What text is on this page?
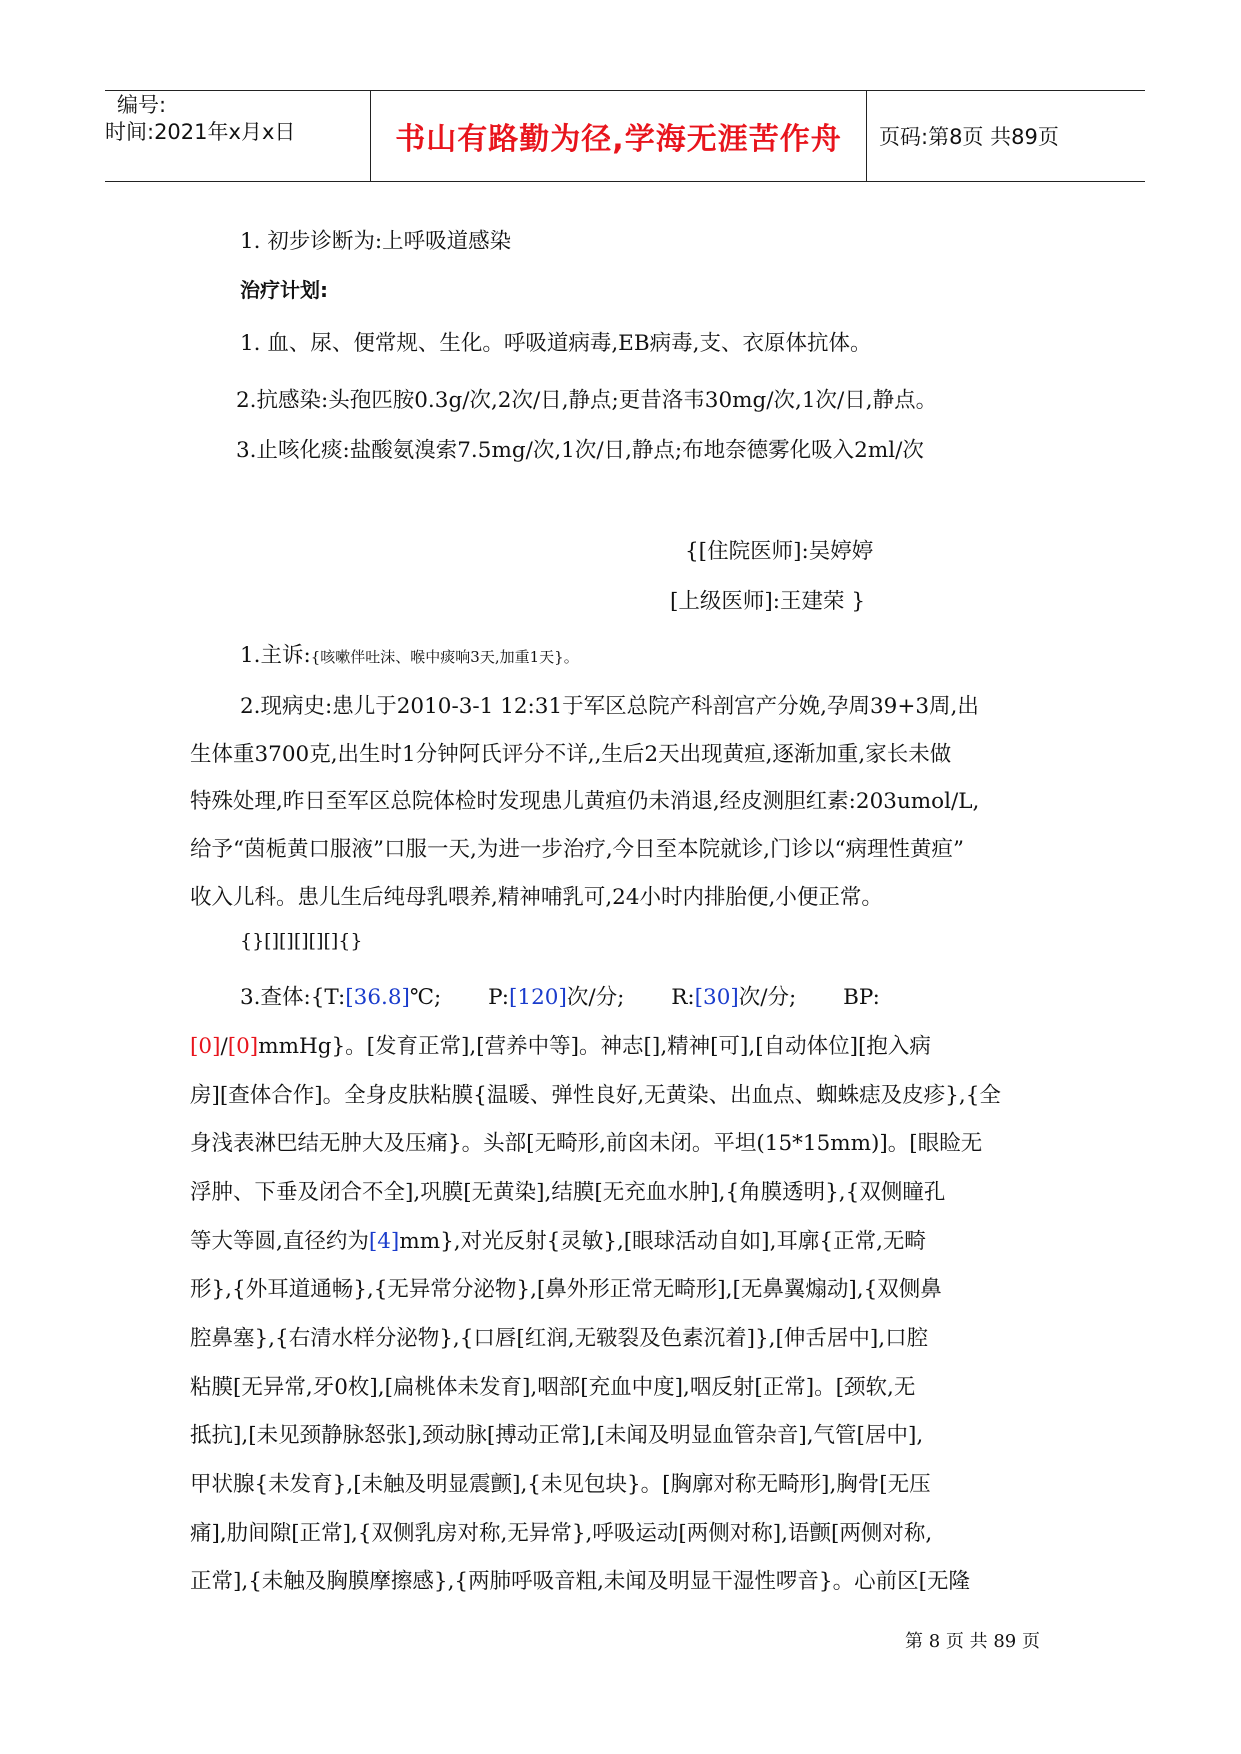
编号:
时间:2021年x月x日	书山有路勤为径,学海无涯苦作舟 页码:第8页 共89页
1. 初步诊断为:上呼吸道感染
治疗计划:
1. 血、尿、便常规、生化。呼吸道病毒,EB病毒,支、衣原体抗体。
2.抗感染:头孢匹胺0.3g/次,2次/日,静点;更昔洛韦30mg/次,1次/日,静点。
3.止咳化痰:盐酸氨溴索7.5mg/次,1次/日,静点;布地奈德雾化吸入2ml/次
{[住院医师]:吴婷婷
[上级医师]:王建荣 }
1.主诉:{咳嗽伴吐沫、喉中痰响3天,加重1天}。
2.现病史:患儿于2010-3-1 12:31于军区总院产科剖宫产分娩,孕周39+3周,出
生体重3700克,出生时1分钟阿氏评分不详,,生后2天出现黄疸,逐渐加重,家长未做
特殊处理,昨日至军区总院体检时发现患儿黄疸仍未消退,经皮测胆红素:203umol/L,
给予“茵栀黄口服液”口服一天,为进一步治疗,今日至本院就诊,门诊以“病理性黄疸”
收入儿科。患儿生后纯母乳喂养,精神哺乳可,24小时内排胎便,小便正常。
{}[][][][][]{}
3.查体:{T:[36.8]℃; P:[120]次/分; R:[30]次/分; BP:
[0]/[0]mmHg}。[发育正常],[营养中等]。神志[],精神[可],[自动体位][抱入病
房][查体合作]。全身皮肤粘膜{温暖、弹性良好,无黄染、出血点、蜘蛛痣及皮疹},{全
身浅表淋巴结无肿大及压痛}。头部[无畸形,前囟未闭。平坦(15*15mm)]。[眼睑无
浮肿、下垂及闭合不全],巩膜[无黄染],结膜[无充血水肿],{角膜透明},{双侧瞳孔
等大等圆,直径约为[4]mm},对光反射{灵敏},[眼球活动自如],耳廓{正常,无畸
形},{外耳道通畅},{无异常分泌物},[鼻外形正常无畸形],[无鼻翼煽动],{双侧鼻
腔鼻塞},{右清水样分泌物},{口唇[红润,无皲裂及色素沉着]},[伸舌居中],口腔
粘膜[无异常,牙0枚],[扁桃体未发育],咽部[充血中度],咽反射[正常]。[颈软,无
抵抗],[未见颈静脉怒张],颈动脉[搏动正常],[未闻及明显血管杂音],气管[居中],
甲状腺{未发育},[未触及明显震颤],{未见包块}。[胸廓对称无畸形],胸骨[无压
痛],肋间隙[正常],{双侧乳房对称,无异常},呼吸运动[两侧对称],语颤[两侧对称,
正常],{未触及胸膜摩擦感},{两肺呼吸音粗,未闻及明显干湿性啰音}。心前区[无隆
第 8 页 共 89 页
